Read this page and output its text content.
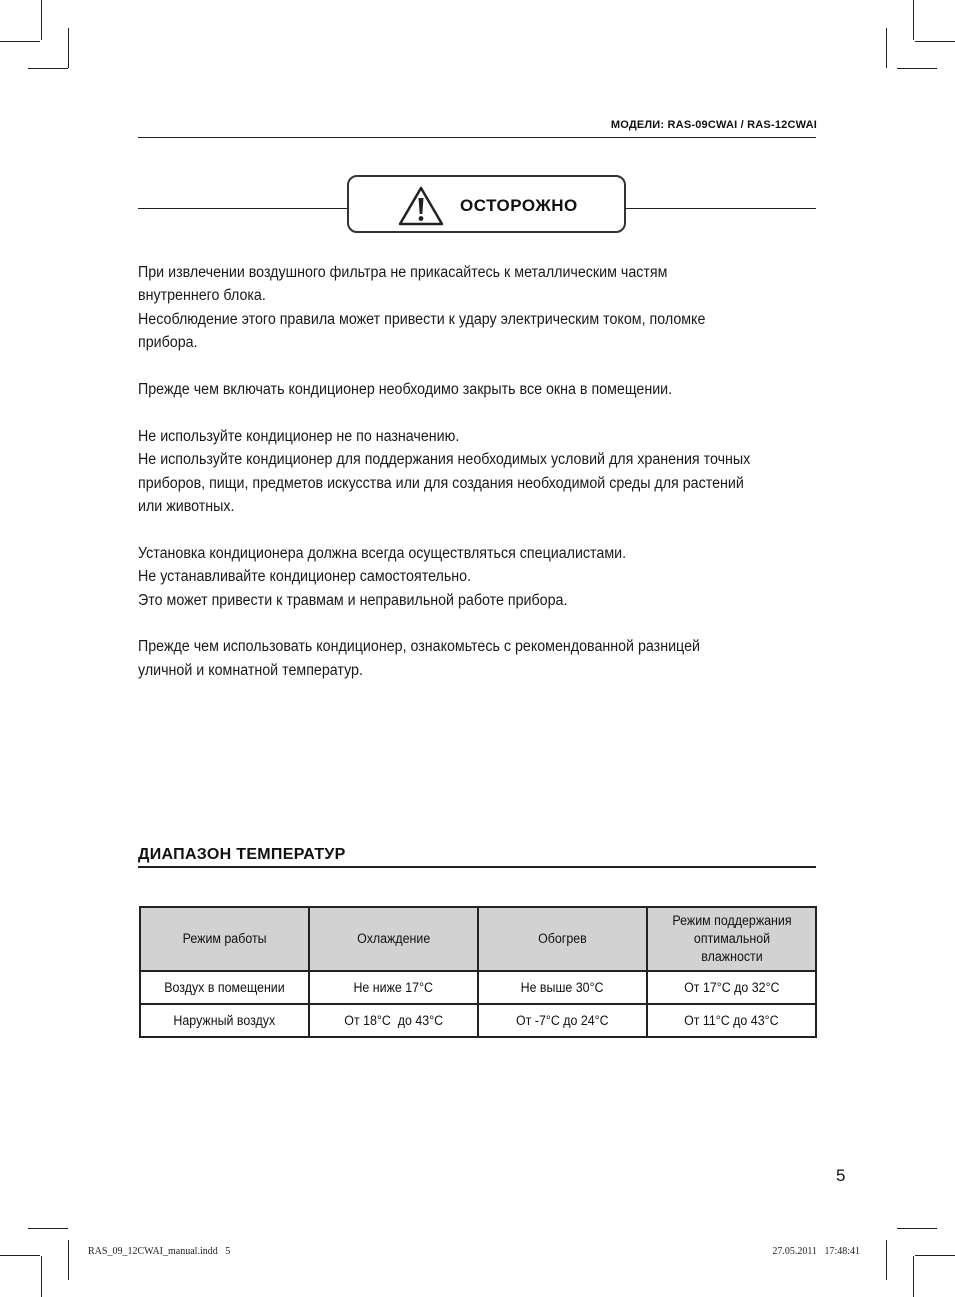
МОДЕЛИ: RAS-09CWAI / RAS-12CWAI
ОСТОРОЖНО
При извлечении воздушного фильтра не прикасайтесь к металлическим частям
внутреннего блока.
Несоблюдение этого правила может привести к удару электрическим током, поломке
прибора.
Прежде чем включать кондиционер необходимо закрыть все окна в помещении.
Не используйте кондиционер не по назначению.
Не используйте кондиционер для поддержания необходимых условий для хранения точных
приборов, пищи, предметов искусства или для создания необходимой среды для растений
или животных.
Установка кондиционера должна всегда осуществляться специалистами.
Не устанавливайте кондиционер самостоятельно.
Это может привести к травмам и неправильной работе прибора.
Прежде чем использовать кондиционер, ознакомьтесь с рекомендованной разницей
уличной и комнатной температур.
ДИАПАЗОН ТЕМПЕРАТУР
Режим работы	Охлаждение	Обогрев	Режим поддержания оптимальной влажности
Воздух в помещении	Не ниже 17°С	Не выше 30°С	От 17°С до 32°С
Наружный воздух	От 18°С  до 43°С	От -7°С до 24°С	От 11°С до 43°С
5
RAS_09_12CWAI_manual.indd   5	27.05.2011   17:48:41
